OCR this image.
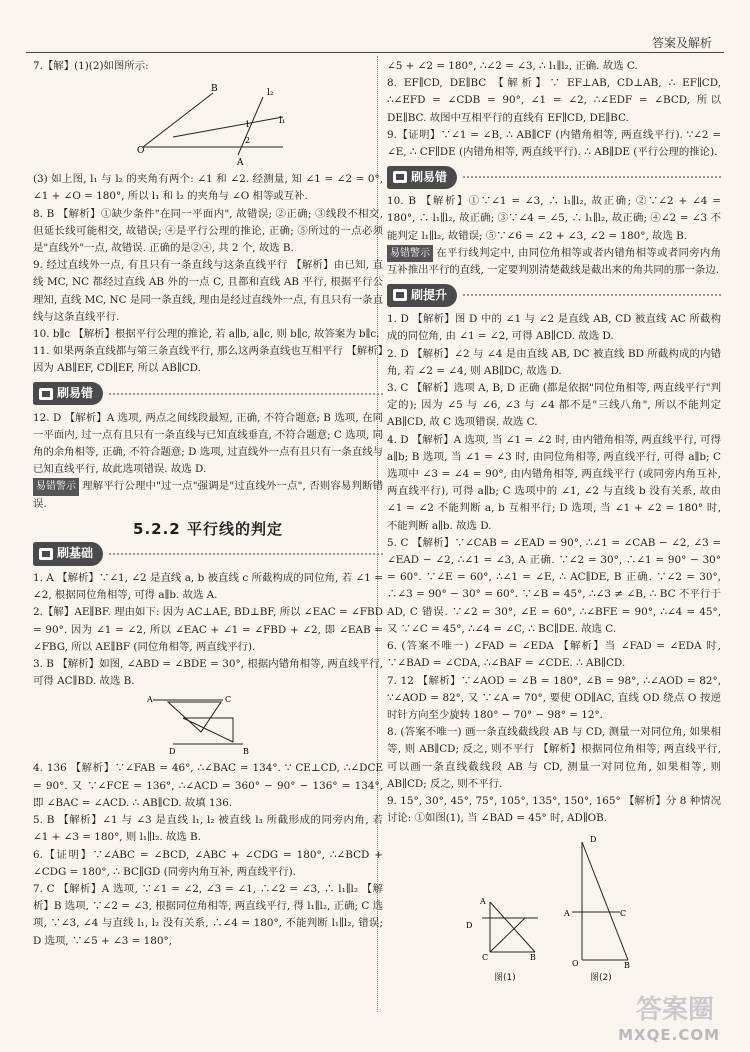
答案及解析

7.【解】(1)(2)如图所示:

O
B
A
l₂
l₁
1
2

(3) 如上图, l₁ 与 l₂ 的夹角有两个: ∠1 和 ∠2. 经测量, 知 ∠1 = ∠2 = 0°, ∠1 + ∠O = 180°, 所以 l₁ 和 l₂ 的夹角与 ∠O 相等或互补.

8. B 【解析】①缺少条件"在同一平面内", 故错误; ②正确; ③线段不相交, 但延长线可能相交, 故错误; ④是平行公理的推论, 正确; ⑤所过的一点必须是"直线外"一点, 故错误. 正确的是②④, 共 2 个, 故选 B.

9. 经过直线外一点, 有且只有一条直线与这条直线平行 【解析】由已知, 直线 MC, NC 都经过直线 AB 外的一点 C, 且都和直线 AB 平行, 根据平行公理知, 直线 MC, NC 是同一条直线, 理由是经过直线外一点, 有且只有一条直线与这条直线平行.

10. b∥c 【解析】根据平行公理的推论, 若 a∥b, a∥c, 则 b∥c, 故答案为 b∥c.

11. 如果两条直线都与第三条直线平行, 那么这两条直线也互相平行 【解析】因为 AB∥EF, CD∥EF, 所以 AB∥CD.

刷易错

12. D 【解析】A 选项, 两点之间线段最短, 正确, 不符合题意; B 选项, 在同一平面内, 过一点有且只有一条直线与已知直线垂直, 不符合题意; C 选项, 同角的余角相等, 正确, 不符合题意; D 选项, 过直线外一点有且只有一条直线与已知直线平行, 故此选项错误. 故选 D.

易错警示 理解平行公理中"过一点"强调是"过直线外一点", 否则容易判断错误.

5.2.2 平行线的判定
刷基础

1. A 【解析】∵∠1, ∠2 是直线 a, b 被直线 c 所截构成的同位角, 若 ∠1 = ∠2, 根据同位角相等, 可得 a∥b. 故选 A.

2.【解】AE∥BF. 理由如下: 因为 AC⊥AE, BD⊥BF, 所以 ∠EAC = ∠FBD = 90°. 因为 ∠1 = ∠2, 所以 ∠EAC + ∠1 = ∠FBD + ∠2, 即 ∠EAB = ∠FBG, 所以 AE∥BF (同位角相等, 两直线平行).

3. B 【解析】如图, ∠ABD = ∠BDE = 30°, 根据内错角相等, 两直线平行, 可得 AC∥BD. 故选 B.

A	C
D	B

4. 136 【解析】∵∠FAB = 46°, ∴∠BAC = 134°. ∵ CE⊥CD, ∴∠DCE = 90°. 又 ∵∠FCE = 136°, ∴∠ACD = 360° − 90° − 136° = 134°, 即 ∠BAC = ∠ACD. ∴ AB∥CD. 故填 136.

5. B 【解析】∠1 与 ∠3 是直线 l₁, l₂ 被直线 l₃ 所截形成的同旁内角, 若 ∠1 + ∠3 = 180°, 则 l₁∥l₂. 故选 B.

6.【证明】∵∠ABC = ∠BCD, ∠ABC + ∠CDG = 180°, ∴∠BCD + ∠CDG = 180°, ∴ BC∥GD (同旁内角互补, 两直线平行).

7. C 【解析】A 选项, ∵∠1 = ∠2, ∠3 = ∠1, ∴∠2 = ∠3, ∴ l₁∥l₂ 【解析】B 选项, ∵∠2 = ∠3, 根据同位角相等, 两直线平行, 得 l₁∥l₂, 正确; C 选项, ∵∠3, ∠4 与直线 l₁, l₂ 没有关系, ∴∠4 = 180°, 不能判断 l₁∥l₂, 错误; D 选项, ∵∠5 + ∠3 = 180°,

∠5 + ∠2 = 180°, ∴∠2 = ∠3, ∴ l₁∥l₂, 正确. 故选 C.

8. EF∥CD, DE∥BC 【解析】∵ EF⊥AB, CD⊥AB, ∴ EF∥CD, ∴∠EFD = ∠CDB = 90°, ∠1 = ∠2, ∴∠EDF = ∠BCD, 所以 DE∥BC. 故图中互相平行的直线有 EF∥CD, DE∥BC.

9.【证明】∵∠1 = ∠B, ∴ AB∥CF (内错角相等, 两直线平行). ∵∠2 = ∠E, ∴ CF∥DE (内错角相等, 两直线平行). ∴ AB∥DE (平行公理的推论).

刷易错

10. B 【解析】①∵∠1 = ∠3, ∴ l₁∥l₂, 故正确; ②∵∠2 + ∠4 = 180°, ∴ l₁∥l₂, 故正确; ③∵∠4 = ∠5, ∴ l₁∥l₂, 故正确; ④∠2 = ∠3 不能判定 l₁∥l₂, 故错误; ⑤∵∠6 = ∠2 + ∠3, ∠2 = 180°, 故选 B.

易错警示 在平行线判定中, 由同位角相等或者内错角相等或者同旁内角互补推出平行的直线, 一定要判别清楚截线是截出来的角共同的那一条边.

刷提升

1. D 【解析】图 D 中的 ∠1 与 ∠2 是直线 AB, CD 被直线 AC 所截构成的同位角, 由 ∠1 = ∠2, 可得 AB∥CD. 故选 D.

2. D 【解析】∠2 与 ∠4 是由直线 AB, DC 被直线 BD 所截构成的内错角, 若 ∠2 = ∠4, 则 AB∥DC, 故选 D.

3. C 【解析】选项 A, B, D 正确 (都是依据"同位角相等, 两直线平行"判定的); 因为 ∠5 与 ∠6, ∠3 与 ∠4 都不是"三线八角", 所以不能判定 AB∥CD, 故 C 选项错误. 故选 C.

4. D 【解析】A 选项, 当 ∠1 = ∠2 时, 由内错角相等, 两直线平行, 可得 a∥b; B 选项, 当 ∠1 = ∠3 时, 由同位角相等, 两直线平行, 可得 a∥b; C 选项中 ∠3 = ∠4 = 90°, 由内错角相等, 两直线平行 (或同旁内角互补, 两直线平行), 可得 a∥b; C 选项中的 ∠1, ∠2 与直线 b 没有关系, 故由 ∠1 = ∠2 不能判断 a, b 互相平行; D 选项, 当 ∠1 + ∠2 = 180° 时, 不能判断 a∥b. 故选 D.

5. C 【解析】∵∠CAB = ∠EAD = 90°, ∴∠1 = ∠CAB − ∠2, ∠3 = ∠EAD − ∠2, ∴∠1 = ∠3, A 正确. ∵∠2 = 30°, ∴∠1 = 90° − 30° = 60°. ∵∠E = 60°, ∴∠1 = ∠E, ∴ AC∥DE, B 正确. ∵∠2 = 30°, ∴∠3 = 90° − 30° = 60°. ∵∠B = 45°, ∴∠3 ≠ ∠B, ∴ BC 不平行于 AD, C 错误. ∵∠2 = 30°, ∠E = 60°, ∴∠BFE = 90°, ∴∠4 = 45°, 又 ∵∠C = 45°, ∴∠4 = ∠C, ∴ BC∥DE. 故选 C.

6. (答案不唯一) ∠FAD = ∠EDA 【解析】当 ∠FAD = ∠EDA 时, ∵∠BAD = ∠CDA, ∴∠BAF = ∠CDE. ∴ AB∥CD.

7. 12 【解析】∵∠AOD = ∠B = 180°, ∠B = 98°, ∴∠AOD = 82°, ∵∠AOD = 82°, 又 ∵∠A = 70°, 要使 OD∥AC, 直线 OD 绕点 O 按逆时针方向至少旋转 180° − 70° − 98° = 12°.

8. (答案不唯一) 画一条直线截线段 AB 与 CD, 测量一对同位角, 如果相等, 则 AB∥CD; 反之, 则不平行 【解析】根据同位角相等, 两直线平行, 可以画一条直线截线段 AB 与 CD, 测量一对同位角, 如果相等, 则 AB∥CD; 反之, 则不平行.

9. 15°, 30°, 45°, 75°, 105°, 135°, 150°, 165° 【解析】分 8 种情况讨论: ①如图(1), 当 ∠BAD = 45° 时, AD∥OB.

A
C	B
D
D
A
O	B
C
图(1)	图(2)
答案圈
MXQE.COM
